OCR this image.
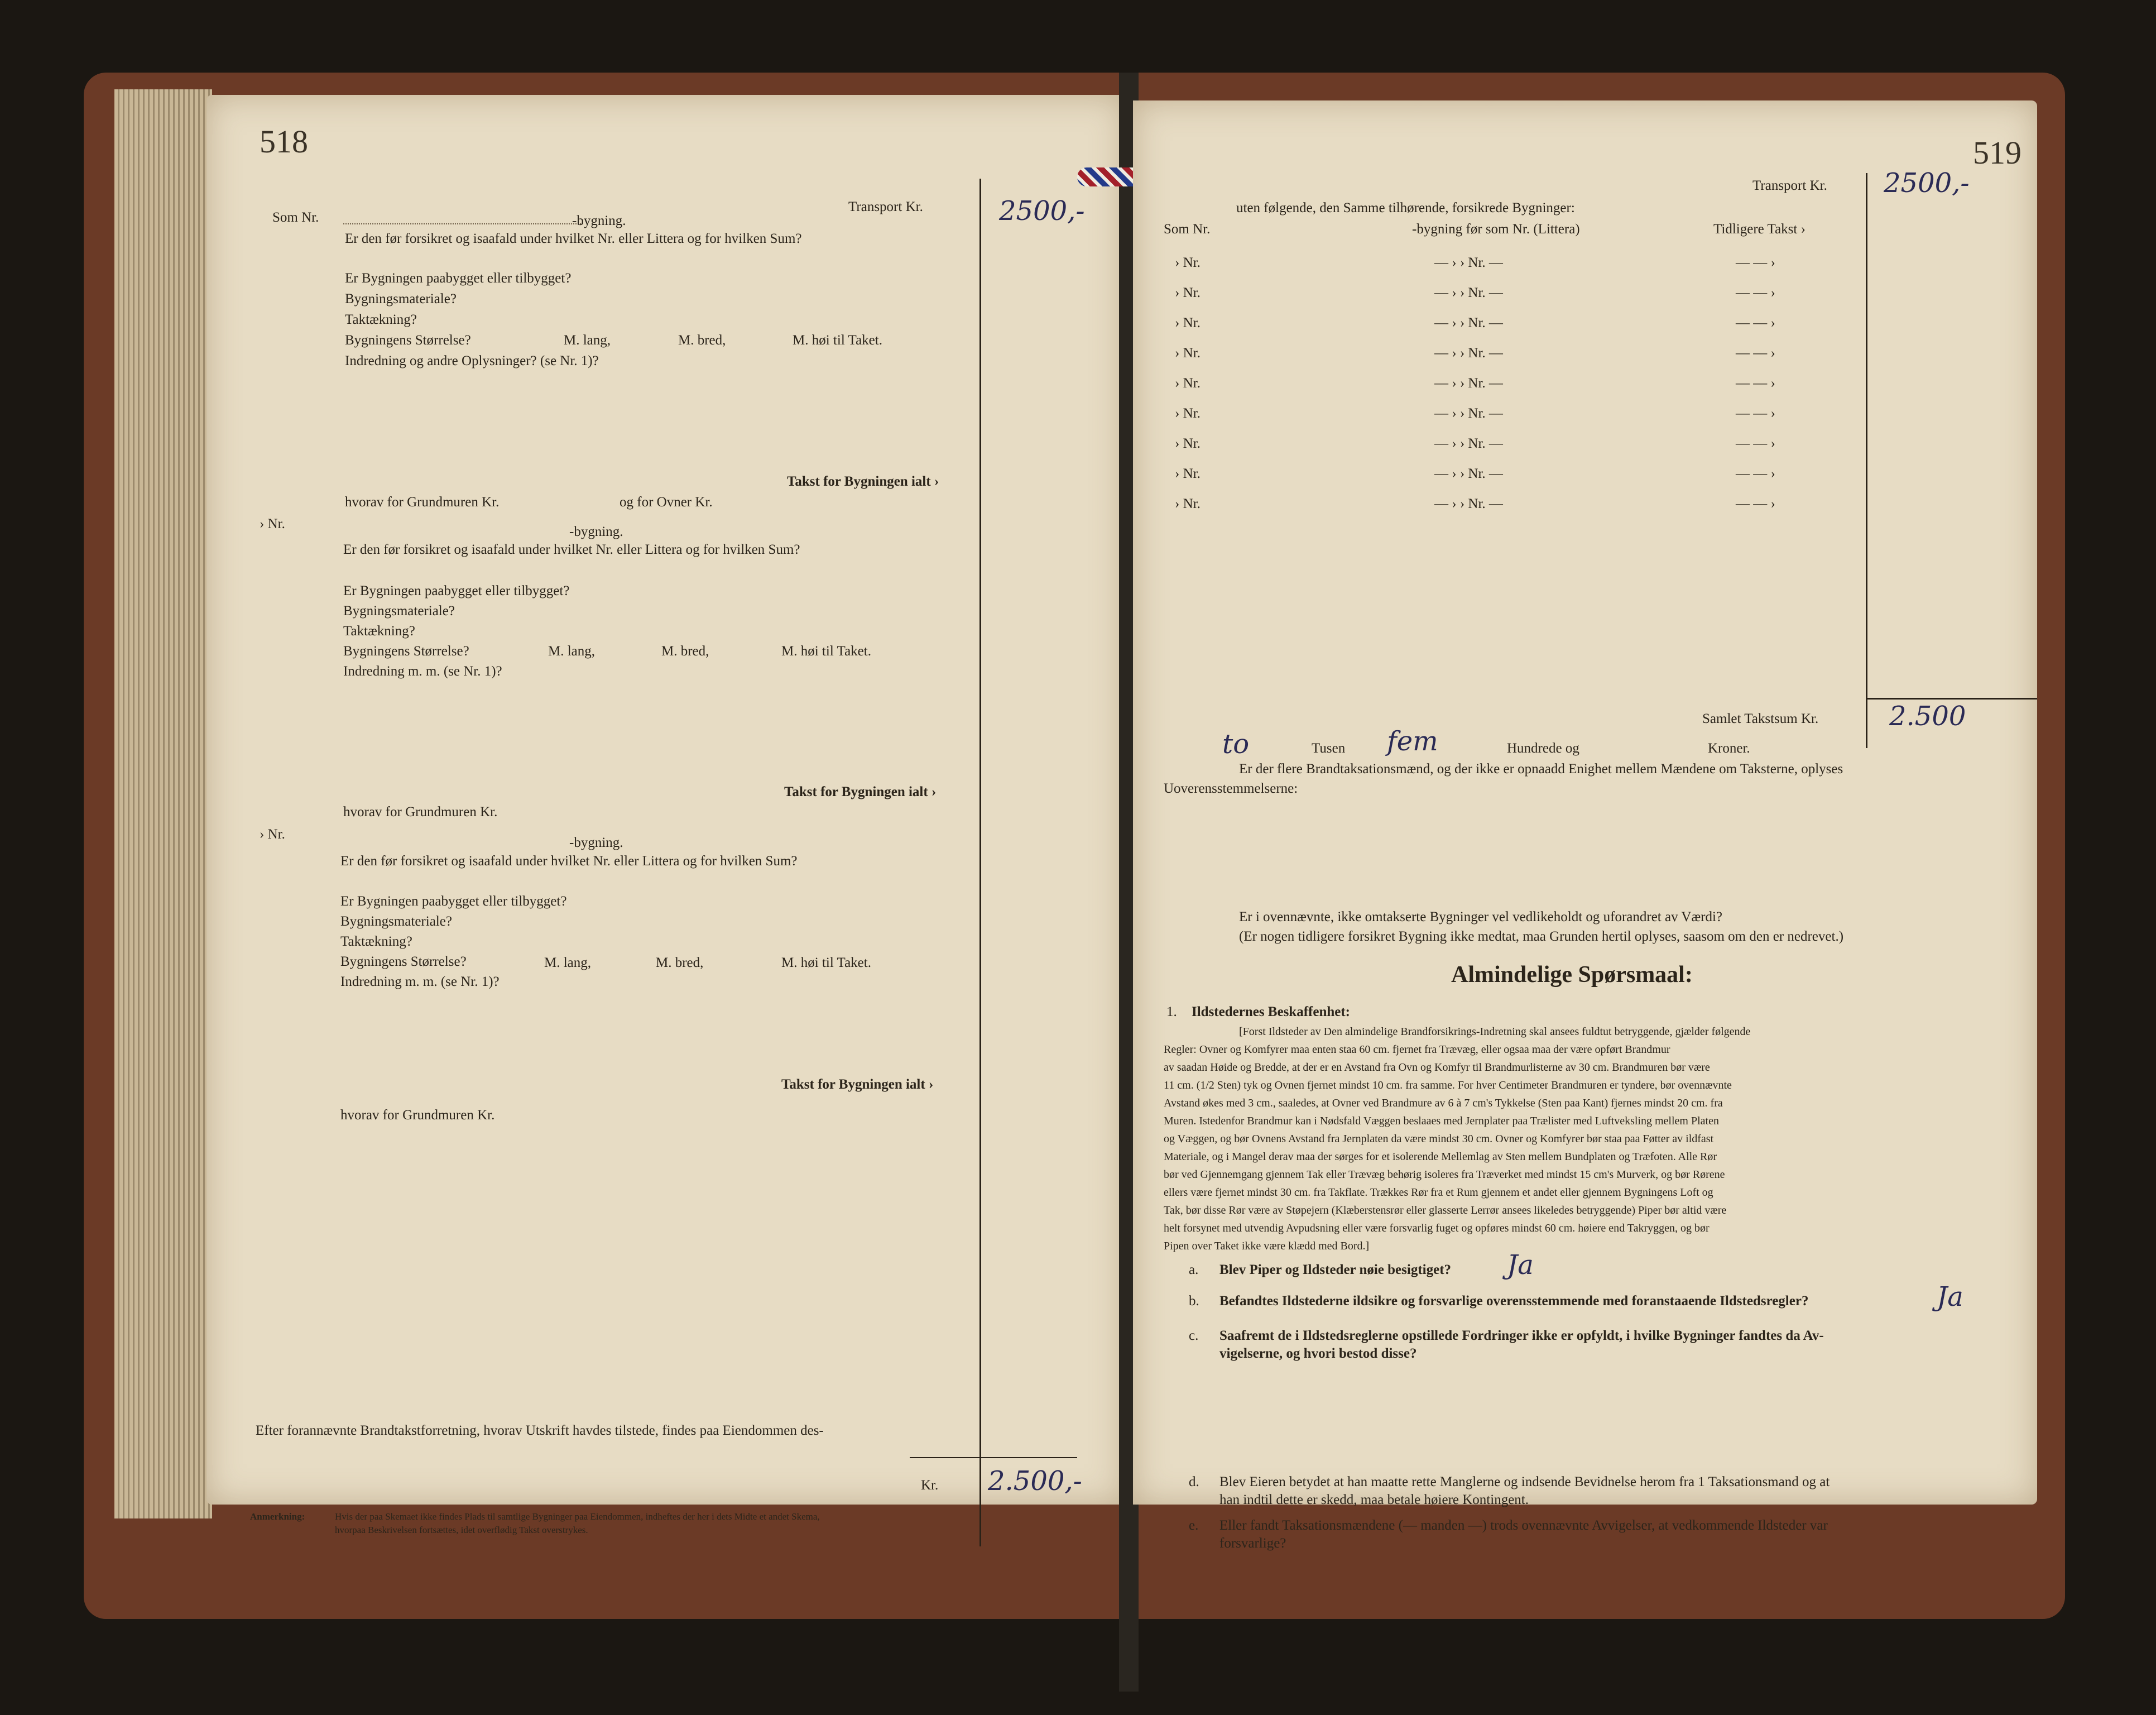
518
Transport Kr.	2500,-
Som Nr.	-bygning.
Er den før forsikret og isaafald under hvilket Nr. eller Littera og for hvilken Sum?
Er Bygningen paabygget eller tilbygget?
Bygningsmateriale?
Taktækning?
Bygningens Størrelse?	M. lang,	M. bred,	M. høi til Taket.
Indredning og andre Oplysninger? (se Nr. 1)?
Takst for Bygningen ialt ›
hvorav for Grundmuren Kr.	og for Ovner Kr.
› Nr.
-bygning.
Er den før forsikret og isaafald under hvilket Nr. eller Littera og for hvilken Sum?
Er Bygningen paabygget eller tilbygget?
Bygningsmateriale?
Taktækning?
Bygningens Størrelse?	M. lang,	M. bred,	M. høi til Taket.
Indredning m. m. (se Nr. 1)?
Takst for Bygningen ialt ›
hvorav for Grundmuren Kr.
› Nr.
-bygning.
Er den før forsikret og isaafald under hvilket Nr. eller Littera og for hvilken Sum?
Er Bygningen paabygget eller tilbygget?
Bygningsmateriale?
Taktækning?
Bygningens Størrelse?	M. lang,	M. bred,	M. høi til Taket.
Indredning m. m. (se Nr. 1)?
Takst for Bygningen ialt ›
hvorav for Grundmuren Kr.
Efter forannævnte Brandtakstforretning, hvorav Utskrift havdes tilstede, findes paa Eiendommen des-
Kr. 2.500,-
Anmerkning:	Hvis der paa Skemaet ikke findes Plads til samtlige Bygninger paa Eiendommen, indheftes der her i dets Midte et andet Skema,
hvorpaa Beskrivelsen fortsættes, idet overflødig Takst overstrykes.
519
Transport Kr. 2500,-
uten følgende, den Samme tilhørende, forsikrede Bygninger:
Som Nr.	-bygning før som Nr. (Littera)	Tidligere Takst ›
› Nr.	— › › Nr. —	— — ›
› Nr.	— › › Nr. —	— — ›
› Nr.	— › › Nr. —	— — ›
› Nr.	— › › Nr. —	— — ›
› Nr.	— › › Nr. —	— — ›
› Nr.	— › › Nr. —	— — ›
› Nr.	— › › Nr. —	— — ›
› Nr.	— › › Nr. —	— — ›
› Nr.	— › › Nr. —	— — ›
Samlet Takstsum Kr.	2.500
to	Tusen fem	Hundrede og	Kroner.
Er der flere Brandtaksationsmænd, og der ikke er opnaadd Enighet mellem Mændene om Taksterne, oplyses
Uoverensstemmelserne:
Er i ovennævnte, ikke omtakserte Bygninger vel vedlikeholdt og uforandret av Værdi?
(Er nogen tidligere forsikret Bygning ikke medtat, maa Grunden hertil oplyses, saasom om den er nedrevet.)
Almindelige Spørsmaal:
1. Ildstedernes Beskaffenhet:
[Forst Ildsteder av Den almindelige Brandforsikrings-Indretning skal ansees fuldtut betryggende, gjælder følgende
Regler: Ovner og Komfyrer maa enten staa 60 cm. fjernet fra Trævæg, eller ogsaa maa der være opført Brandmur
av saadan Høide og Bredde, at der er en Avstand fra Ovn og Komfyr til Brandmurlisterne av 30 cm. Brandmuren bør være
11 cm. (1/2 Sten) tyk og Ovnen fjernet mindst 10 cm. fra samme. For hver Centimeter Brandmuren er tyndere, bør ovennævnte
Avstand økes med 3 cm., saaledes, at Ovner ved Brandmure av 6 à 7 cm's Tykkelse (Sten paa Kant) fjernes mindst 20 cm. fra
Muren. Istedenfor Brandmur kan i Nødsfald Væggen beslaaes med Jernplater paa Trælister med Luftveksling mellem Platen
og Væggen, og bør Ovnens Avstand fra Jernplaten da være mindst 30 cm. Ovner og Komfyrer bør staa paa Føtter av ildfast
Materiale, og i Mangel derav maa der sørges for et isolerende Mellemlag av Sten mellem Bundplaten og Træfoten. Alle Rør
bør ved Gjennemgang gjennem Tak eller Trævæg behørig isoleres fra Træverket med mindst 15 cm's Murverk, og bør Rørene
ellers være fjernet mindst 30 cm. fra Takflate. Trækkes Rør fra et Rum gjennem et andet eller gjennem Bygningens Loft og
Tak, bør disse Rør være av Støpejern (Klæberstensrør eller glasserte Lerrør ansees likeledes betryggende) Piper bør altid være
helt forsynet med utvendig Avpudsning eller være forsvarlig fuget og opføres mindst 60 cm. høiere end Takryggen, og bør
Pipen over Taket ikke være klædd med Bord.]
a. Blev Piper og Ildsteder nøie besigtiget? Ja
b. Befandtes Ildstederne ildsikre og forsvarlige overensstemmende med foranstaaende Ildstedsregler?	Ja
c. Saafremt de i Ildstedsreglerne opstillede Fordringer ikke er opfyldt, i hvilke Bygninger fandtes da Av-
vigelserne, og hvori bestod disse?
d. Blev Eieren betydet at han maatte rette Manglerne og indsende Bevidnelse herom fra 1 Taksationsmand og at
han indtil dette er skedd, maa betale høiere Kontingent.
e. Eller fandt Taksationsmændene (— manden —) trods ovennævnte Avvigelser, at vedkommende Ildsteder var
forsvarlige?
